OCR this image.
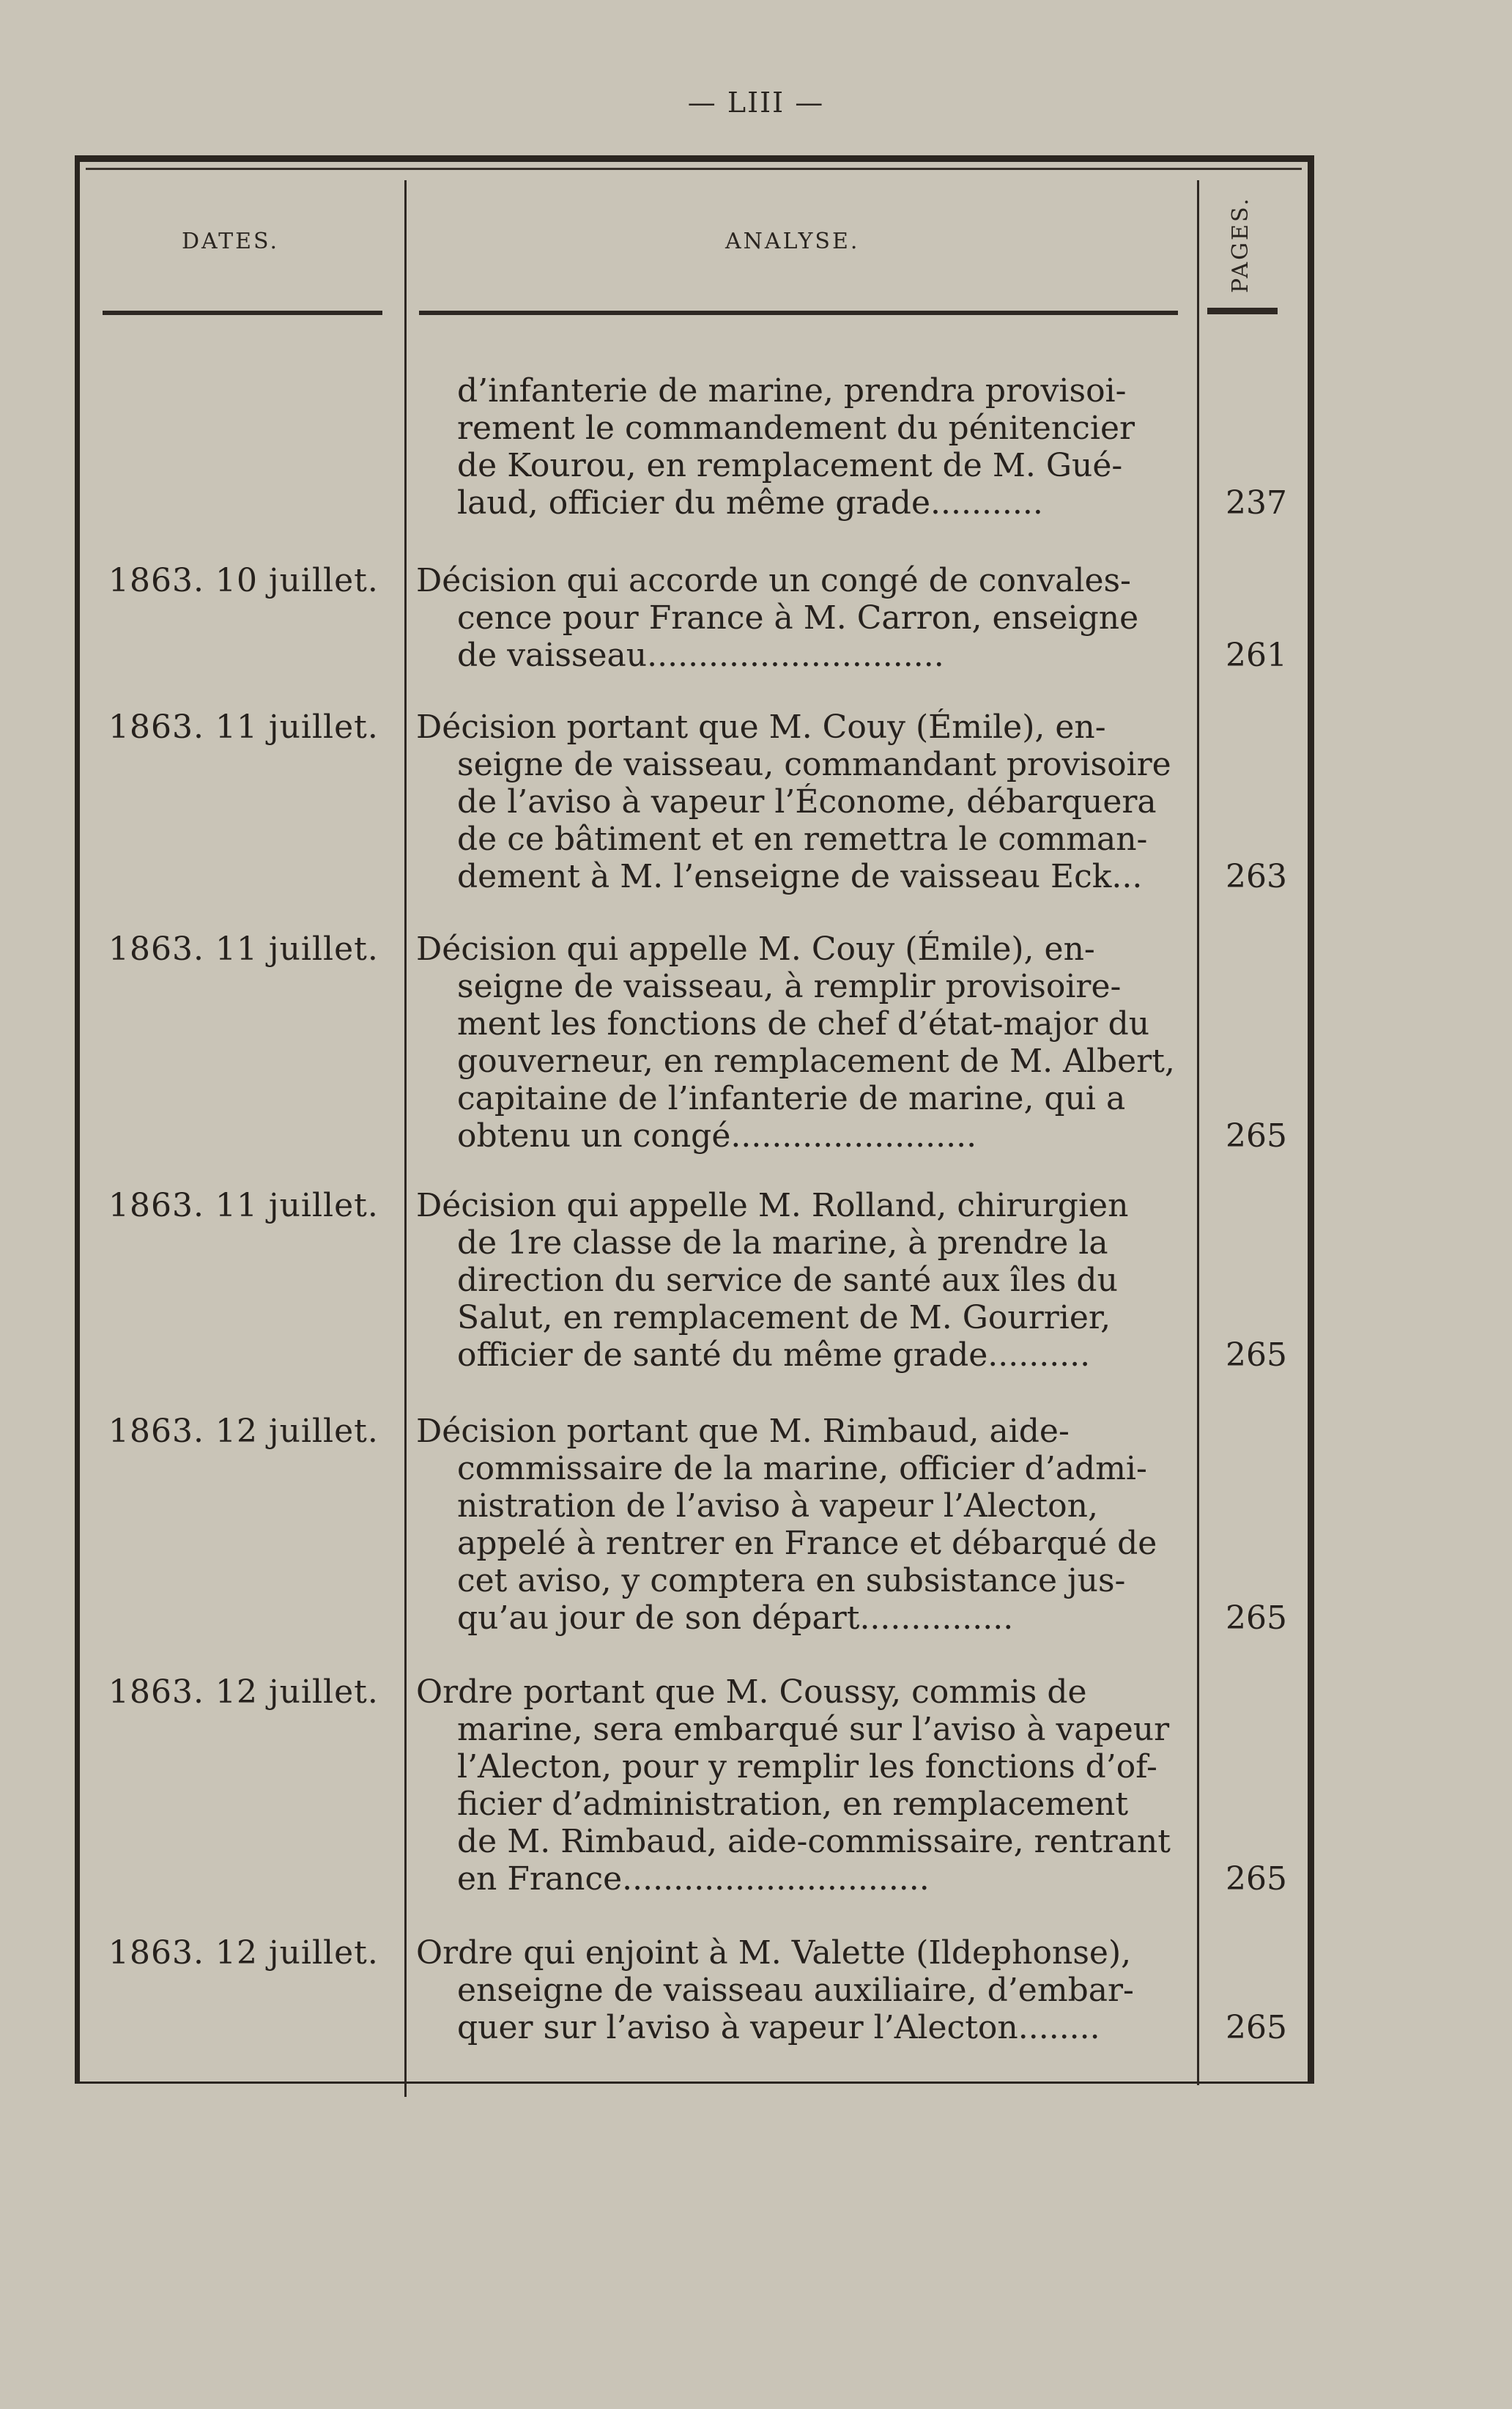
— LIII —
DATES.	ANALYSE.	PAGES.
d’infanterie de marine, prendra provisoi-
rement le commandement du pénitencier
de Kourou, en remplacement de M. Gué-
laud, officier du même grade...........	237
1863. 10 juillet. Décision qui accorde un congé de convales-
cence pour France à M. Carron, enseigne
de vaisseau.............................	261
1863. 11 juillet. Décision portant que M. Couy (Émile), en-
seigne de vaisseau, commandant provisoire
de l’aviso à vapeur l’Économe, débarquera
de ce bâtiment et en remettra le comman-
dement à M. l’enseigne de vaisseau Eck...	263
1863. 11 juillet. Décision qui appelle M. Couy (Émile), en-
seigne de vaisseau, à remplir provisoire-
ment les fonctions de chef d’état-major du
gouverneur, en remplacement de M. Albert,
capitaine de l’infanterie de marine, qui a
obtenu un congé........................	265
1863. 11 juillet. Décision qui appelle M. Rolland, chirurgien
de 1re classe de la marine, à prendre la
direction du service de santé aux îles du
Salut, en remplacement de M. Gourrier,
officier de santé du même grade..........	265
1863. 12 juillet. Décision portant que M. Rimbaud, aide-
commissaire de la marine, officier d’admi-
nistration de l’aviso à vapeur l’Alecton,
appelé à rentrer en France et débarqué de
cet aviso, y comptera en subsistance jus-
qu’au jour de son départ...............	265
1863. 12 juillet. Ordre portant que M. Coussy, commis de
marine, sera embarqué sur l’aviso à vapeur
l’Alecton, pour y remplir les fonctions d’of-
ficier d’administration, en remplacement
de M. Rimbaud, aide-commissaire, rentrant
en France..............................	265
1863. 12 juillet. Ordre qui enjoint à M. Valette (Ildephonse),
enseigne de vaisseau auxiliaire, d’embar-
quer sur l’aviso à vapeur l’Alecton........	265
